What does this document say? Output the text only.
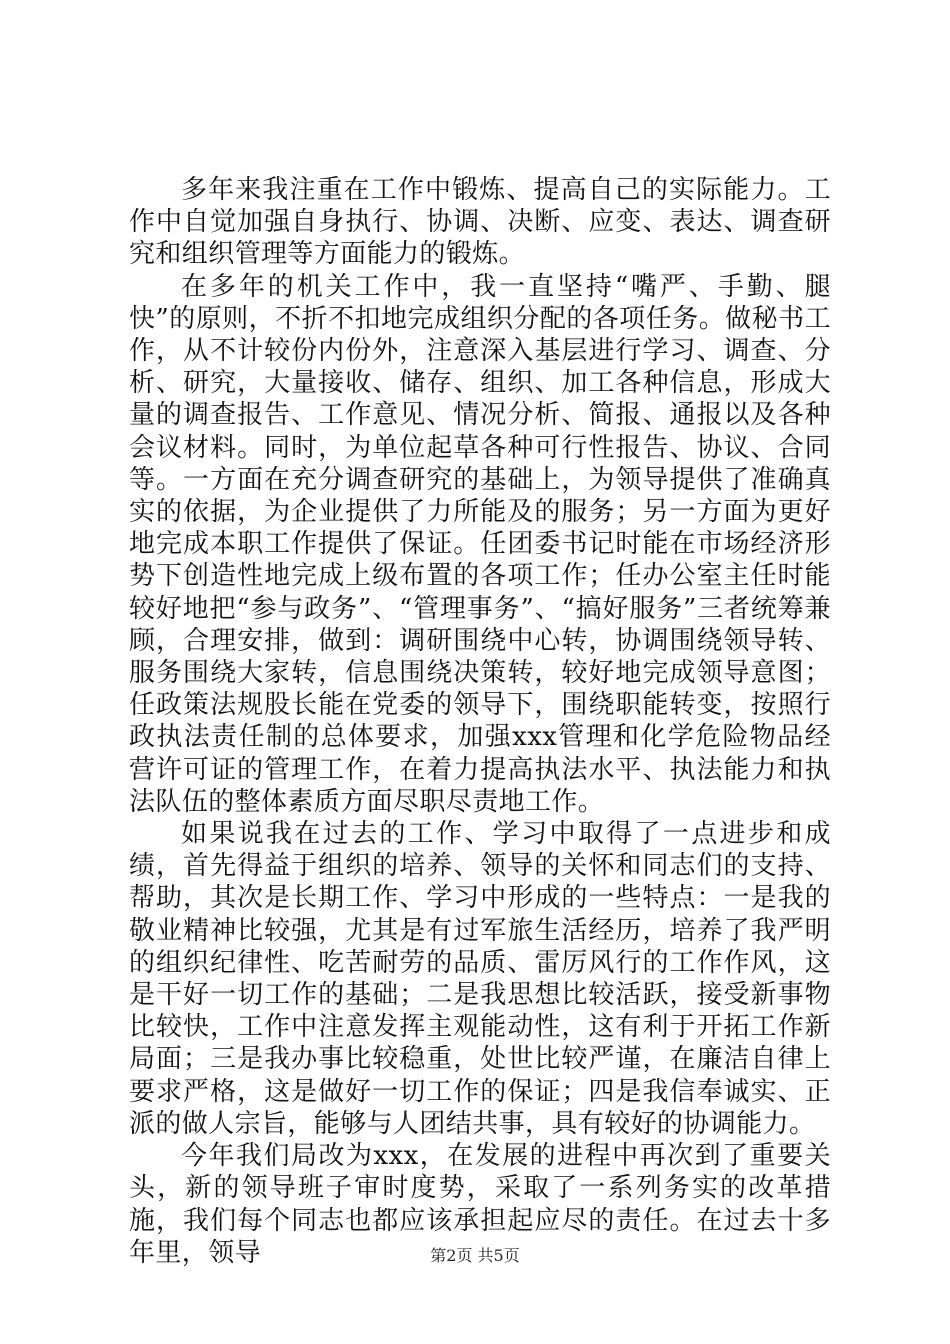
多年来我注重在工作中锻炼、提高自己的实际能力。工作中自觉加强自身执行、协调、决断、应变、表达、调查研究和组织管理等方面能力的锻炼。

在多年的机关工作中，我一直坚持“嘴严、手勤、腿快”的原则，不折不扣地完成组织分配的各项任务。做秘书工作，从不计较份内份外，注意深入基层进行学习、调查、分析、研究，大量接收、储存、组织、加工各种信息，形成大量的调查报告、工作意见、情况分析、简报、通报以及各种会议材料。同时，为单位起草各种可行性报告、协议、合同等。一方面在充分调查研究的基础上，为领导提供了准确真实的依据，为企业提供了力所能及的服务；另一方面为更好地完成本职工作提供了保证。任团委书记时能在市场经济形势下创造性地完成上级布置的各项工作；任办公室主任时能较好地把“参与政务”、“管理事务”、“搞好服务”三者统筹兼顾，合理安排，做到：调研围绕中心转，协调围绕领导转、服务围绕大家转，信息围绕决策转，较好地完成领导意图；任政策法规股长能在党委的领导下，围绕职能转变，按照行政执法责任制的总体要求，加强xxx管理和化学危险物品经营许可证的管理工作，在着力提高执法水平、执法能力和执法队伍的整体素质方面尽职尽责地工作。

如果说我在过去的工作、学习中取得了一点进步和成绩，首先得益于组织的培养、领导的关怀和同志们的支持、帮助，其次是长期工作、学习中形成的一些特点：一是我的敬业精神比较强，尤其是有过军旅生活经历，培养了我严明的组织纪律性、吃苦耐劳的品质、雷厉风行的工作作风，这是干好一切工作的基础；二是我思想比较活跃，接受新事物比较快，工作中注意发挥主观能动性，这有利于开拓工作新局面；三是我办事比较稳重，处世比较严谨，在廉洁自律上要求严格，这是做好一切工作的保证；四是我信奉诚实、正派的做人宗旨，能够与人团结共事，具有较好的协调能力。

今年我们局改为xxx，在发展的进程中再次到了重要关头，新的领导班子审时度势，采取了一系列务实的改革措施，我们每个同志也都应该承担起应尽的责任。在过去十多年里，领导	第2页 共5页
